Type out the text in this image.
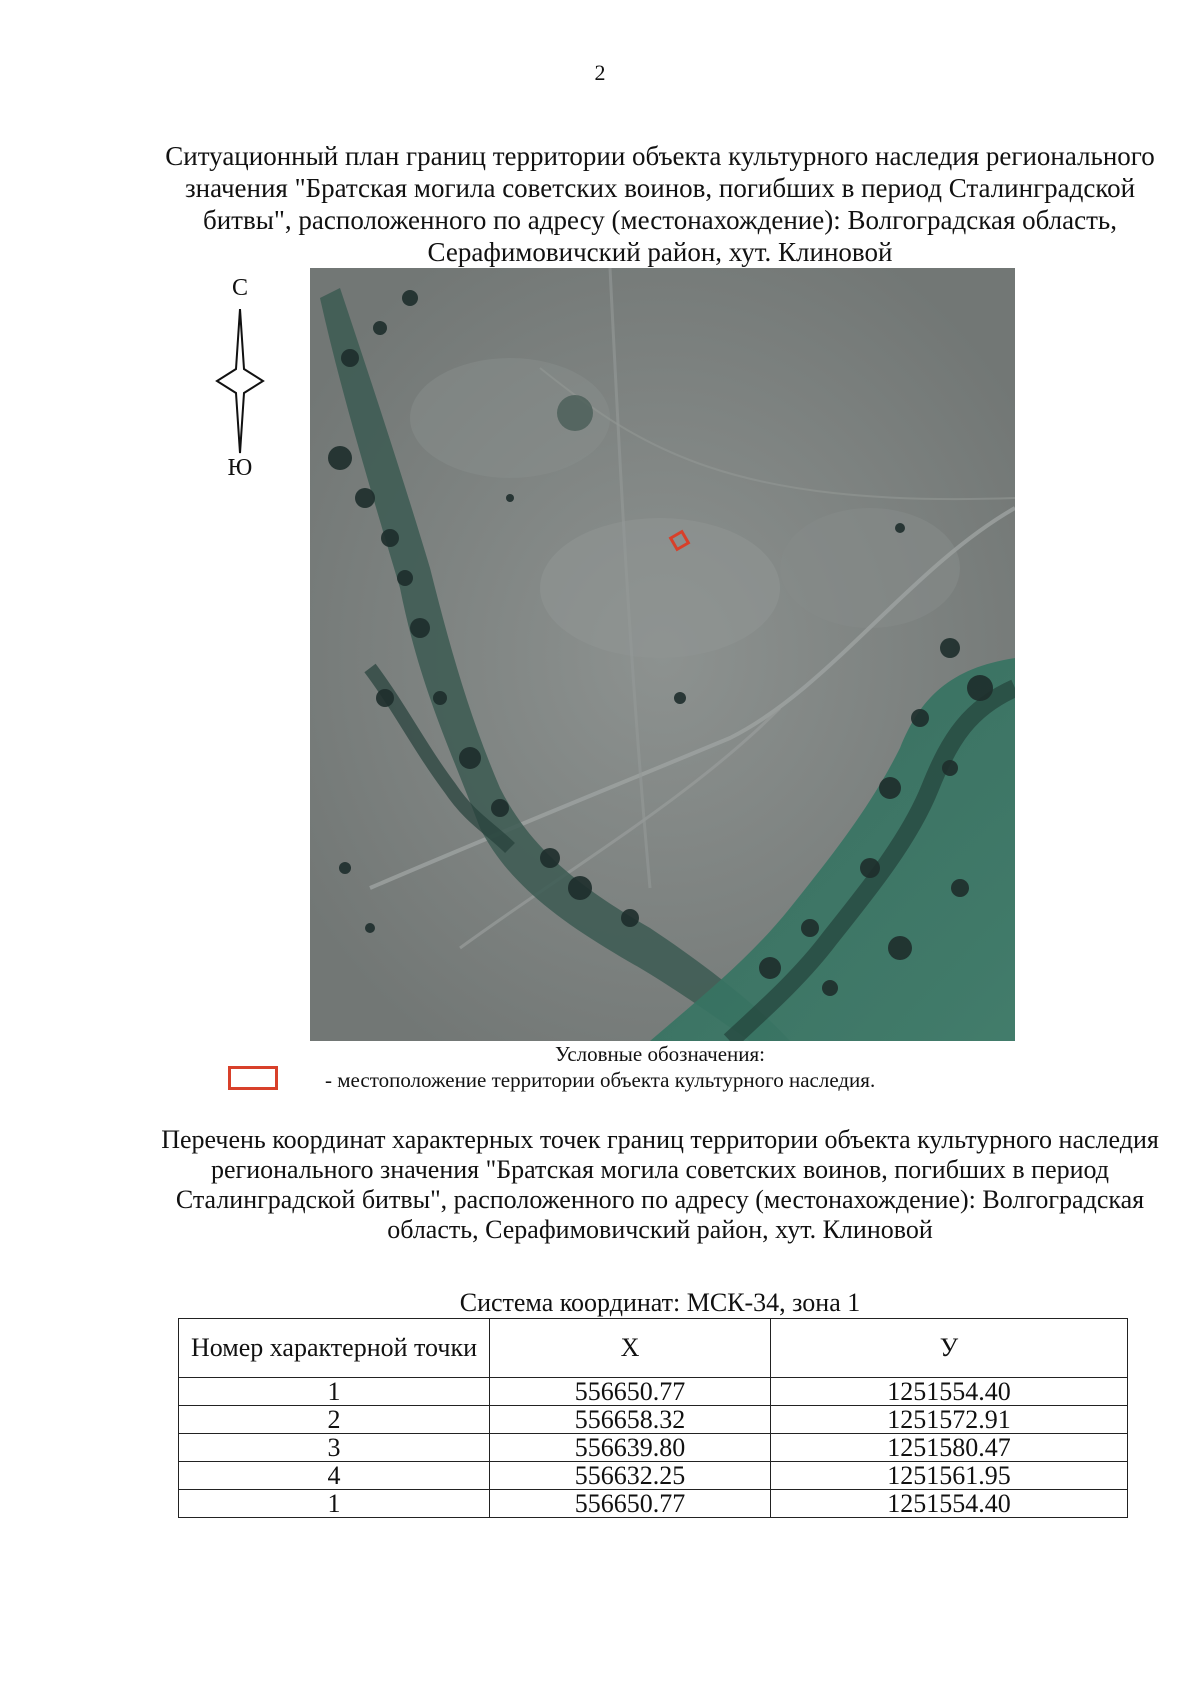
2
Ситуационный план границ территории объекта культурного наследия регионального значения "Братская могила советских воинов, погибших в период Сталинградской битвы", расположенного по адресу (местонахождение): Волгоградская область, Серафимовичский район, хут. Клиновой
С
Ю
Условные обозначения:
- местоположение территории объекта культурного наследия.
Перечень координат характерных точек границ территории объекта культурного наследия регионального значения "Братская могила советских воинов, погибших в период Сталинградской битвы", расположенного по адресу (местонахождение): Волгоградская область, Серафимовичский район, хут. Клиновой
Система координат: МСК-34, зона 1
Номер характерной точки	X	У
1	556650.77	1251554.40
2	556658.32	1251572.91
3	556639.80	1251580.47
4	556632.25	1251561.95
1	556650.77	1251554.40
